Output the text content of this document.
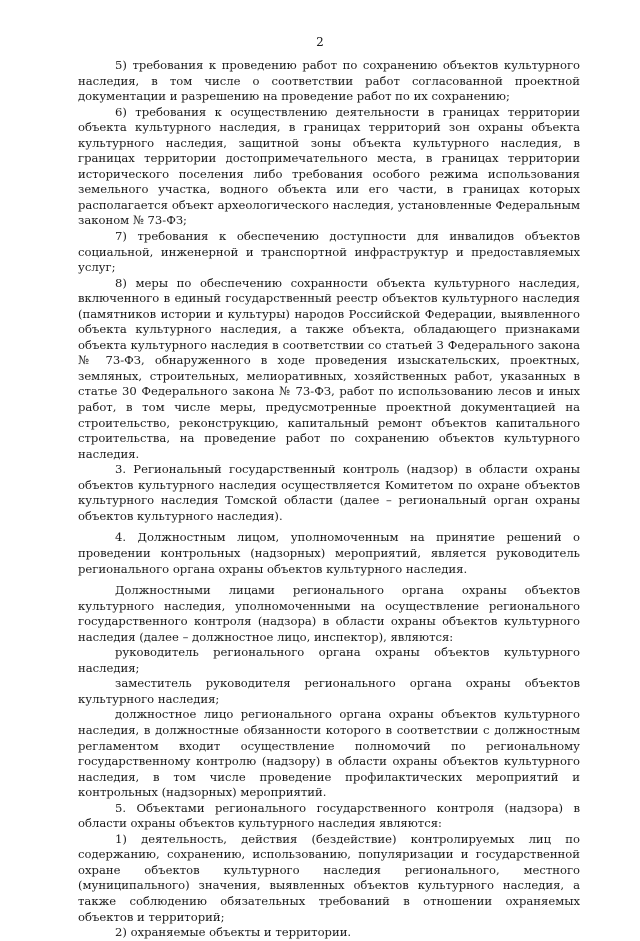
2

5) требования к проведению работ по сохранению объектов культурного наследия, в том числе о соответствии работ согласованной проектной документации и разрешению на проведение работ по их сохранению;

6) требования к осуществлению деятельности в границах территории объекта культурного наследия, в границах территорий зон охраны объекта культурного наследия, защитной зоны объекта культурного наследия, в границах территории достопримечательного места, в границах территории исторического поселения либо требования особого режима использования земельного участка, водного объекта или его части, в границах которых располагается объект археологического наследия, установленные Федеральным законом № 73-ФЗ;

7) требования к обеспечению доступности для инвалидов объектов социальной, инженерной и транспортной инфраструктур и предоставляемых услуг;

8) меры по обеспечению сохранности объекта культурного наследия, включенного в единый государственный реестр объектов культурного наследия (памятников истории и культуры) народов Российской Федерации, выявленного объекта культурного наследия, а также объекта, обладающего признаками объекта культурного наследия в соответствии со статьей 3 Федерального закона № 73-ФЗ, обнаруженного в ходе проведения изыскательских, проектных, земляных, строительных, мелиоративных, хозяйственных работ, указанных в статье 30 Федерального закона № 73-ФЗ, работ по использованию лесов и иных работ, в том числе меры, предусмотренные проектной документацией на строительство, реконструкцию, капитальный ремонт объектов капитального строительства, на проведение работ по сохранению объектов культурного наследия.

3. Региональный государственный контроль (надзор) в области охраны объектов культурного наследия осуществляется Комитетом по охране объектов культурного наследия Томской области (далее – региональный орган охраны объектов культурного наследия).

4. Должностным лицом, уполномоченным на принятие решений о проведении контрольных (надзорных) мероприятий, является руководитель регионального органа охраны объектов культурного наследия.

Должностными лицами регионального органа охраны объектов культурного наследия, уполномоченными на осуществление регионального государственного контроля (надзора) в области охраны объектов культурного наследия (далее – должностное лицо, инспектор), являются:

руководитель регионального органа охраны объектов культурного наследия;

заместитель руководителя регионального органа охраны объектов культурного наследия;

должностное лицо регионального органа охраны объектов культурного наследия, в должностные обязанности которого в соответствии с должностным регламентом входит осуществление полномочий по региональному государственному контролю (надзору) в области охраны объектов культурного наследия, в том числе проведение профилактических мероприятий и контрольных (надзорных) мероприятий.

5. Объектами регионального государственного контроля (надзора) в области охраны объектов культурного наследия являются:

1) деятельность, действия (бездействие) контролируемых лиц по содержанию, сохранению, использованию, популяризации и государственной охране объектов культурного наследия регионального, местного (муниципального) значения, выявленных объектов культурного наследия, а также соблюдению обязательных требований в отношении охраняемых объектов и территорий;

2) охраняемые объекты и территории.
